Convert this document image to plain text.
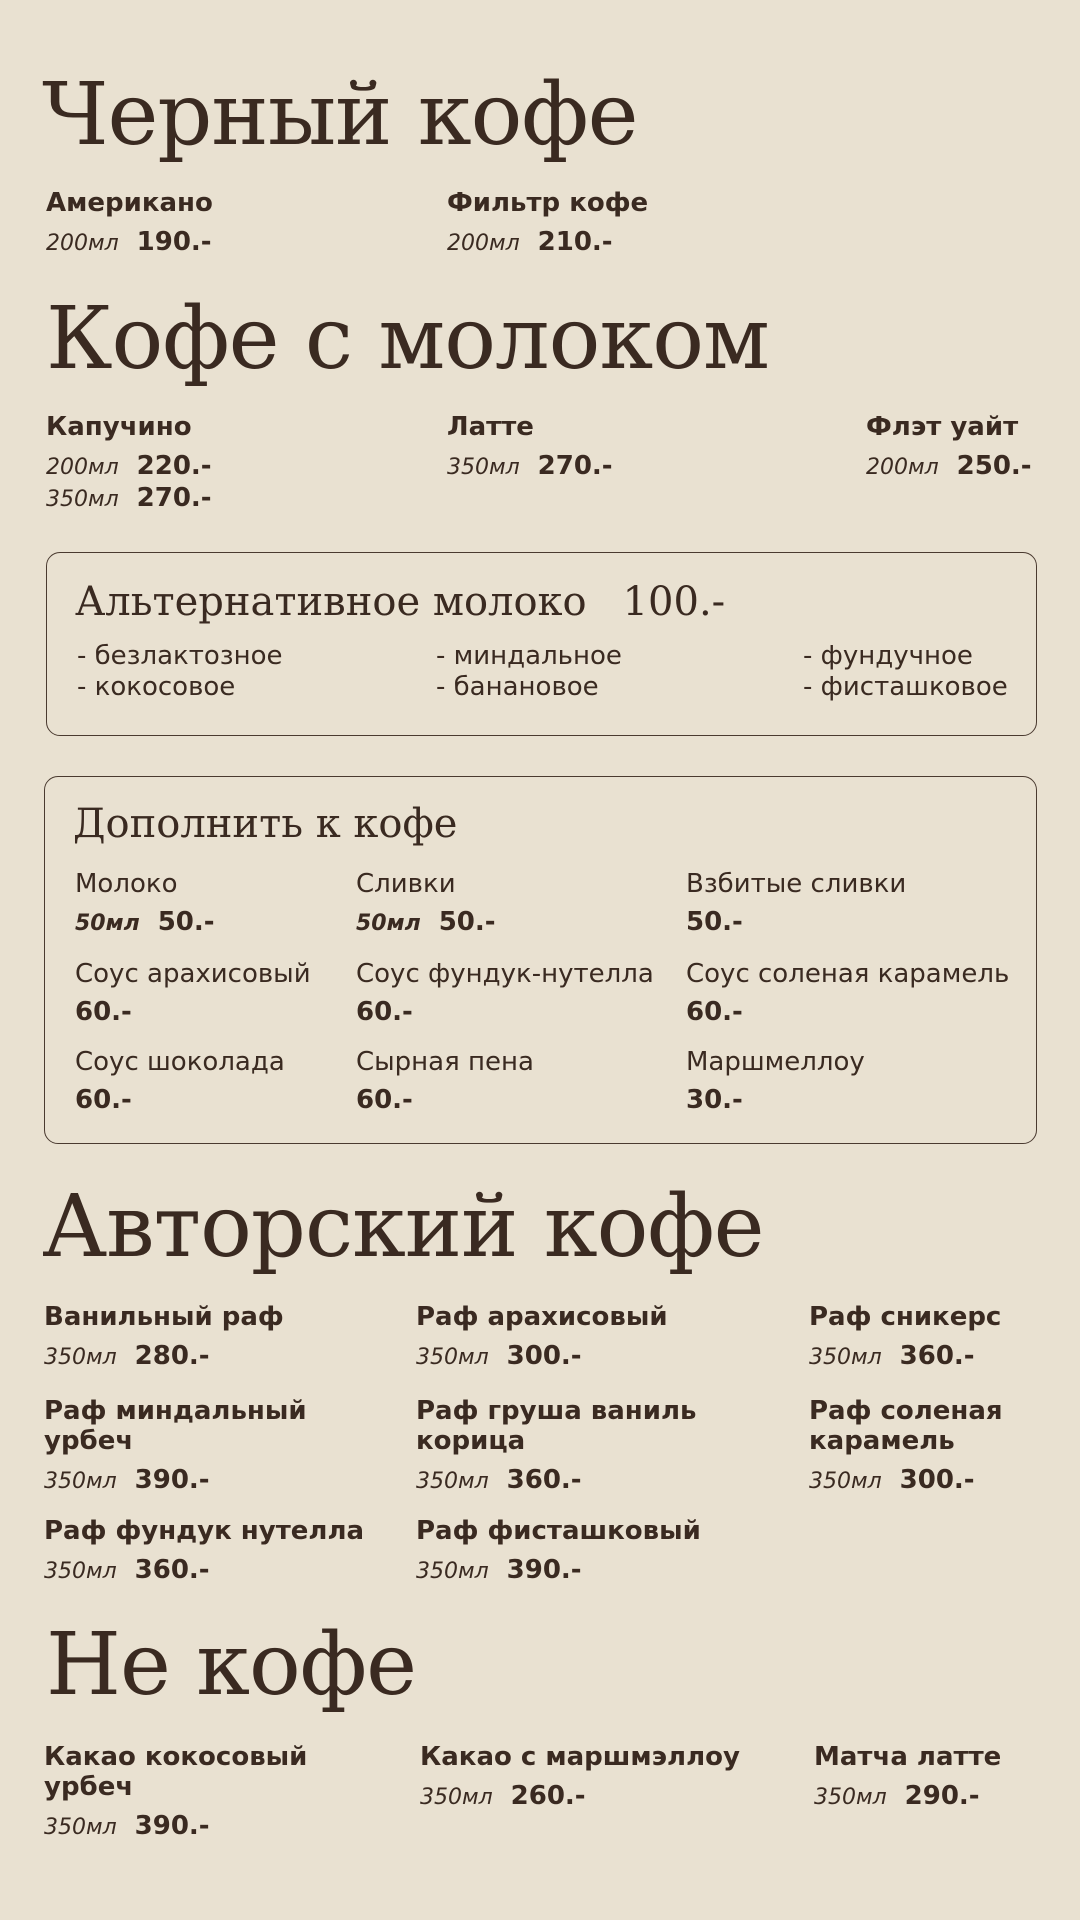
Черный кофе
Американо
200мл 190.-
Фильтр кофе
200мл 210.-
Кофе с молоком
Капучино
200мл 220.-
350мл 270.-
Латте
350мл 270.-
Флэт уайт
200мл 250.-
Альтернативное молоко 100.-
- безлактозное
- кокосовое
- миндальное
- банановое
- фундучное
- фисташковое
Дополнить к кофе
Молоко
50мл 50.-
Сливки
50мл 50.-
Взбитые сливки
50.-
Соус арахисовый
60.-
Соус фундук-нутелла
60.-
Соус соленая карамель
60.-
Соус шоколада
60.-
Сырная пена
60.-
Маршмеллоу
30.-
Авторский кофе
Ванильный раф
350мл 280.-
Раф арахисовый
350мл 300.-
Раф сникерс
350мл 360.-
Раф миндальный
урбеч
350мл 390.-
Раф груша ваниль
корица
350мл 360.-
Раф соленая
карамель
350мл 300.-
Раф фундук нутелла
350мл 360.-
Раф фисташковый
350мл 390.-
Не кофе
Какао кокосовый
урбеч
350мл 390.-
Какао с маршмэллоу
350мл 260.-
Матча латте
350мл 290.-
